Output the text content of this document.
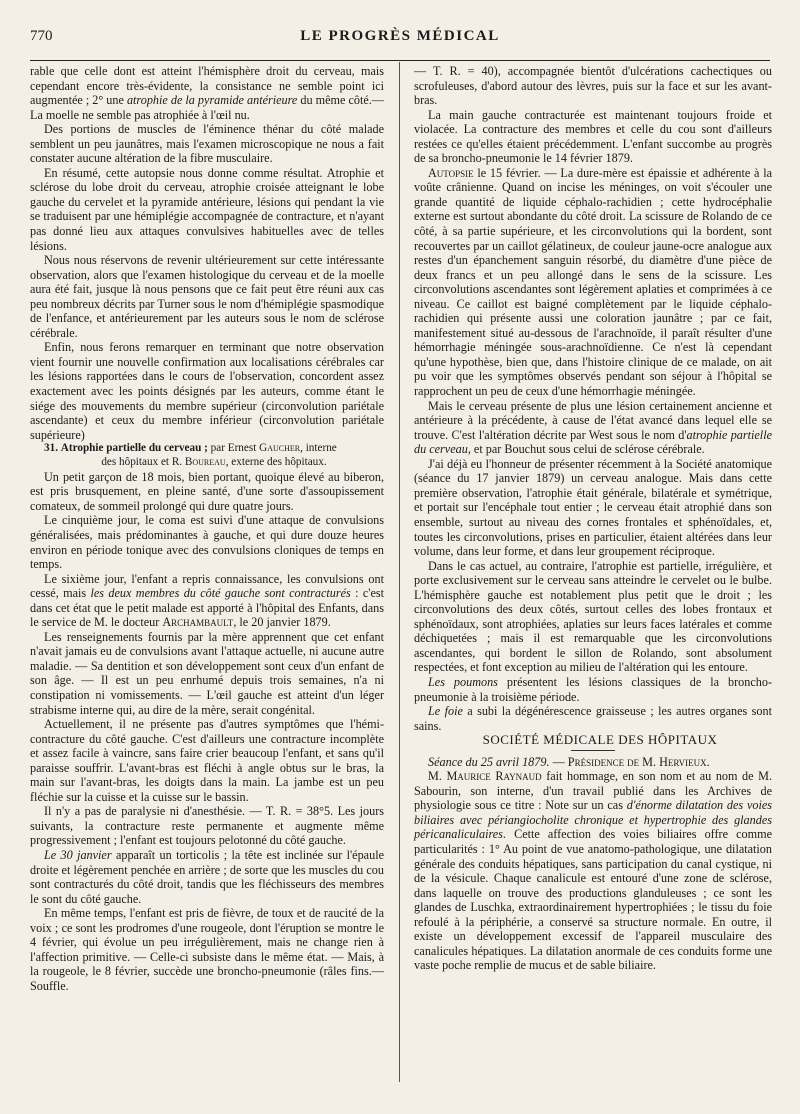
770	LE PROGRÈS MÉDICAL

rable que celle dont est atteint l'hémisphère droit du cerveau, mais cependant encore très-évidente, la consistance ne semble point ici augmentée ; 2° une atrophie de la pyramide antérieure du même côté.— La moelle ne semble pas atrophiée à l'œil nu.

Des portions de muscles de l'éminence thénar du côté malade semblent un peu jaunâtres, mais l'examen microscopique ne nous a fait constater aucune altération de la fibre musculaire.

En résumé, cette autopsie nous donne comme résultat. Atrophie et sclérose du lobe droit du cerveau, atrophie croisée atteignant le lobe gauche du cervelet et la pyramide antérieure, lésions qui pendant la vie se traduisent par une hémiplégie accompagnée de contracture, et n'ayant pas donné lieu aux attaques convulsives habituelles avec de telles lésions.

Nous nous réservons de revenir ultérieurement sur cette intéressante observation, alors que l'examen histologique du cerveau et de la moelle aura été fait, jusque là nous pensons que ce fait peut être réuni aux cas peu nombreux décrits par Turner sous le nom d'hémiplégie spasmodique de l'enfance, et antérieurement par les auteurs sous le nom de sclérose cérébrale.

Enfin, nous ferons remarquer en terminant que notre observation vient fournir une nouvelle confirmation aux localisations cérébrales car les lésions rapportées dans le cours de l'observation, concordent assez exactement avec les points désignés par les auteurs, comme étant le siége des mouvements du membre supérieur (circonvolution pariétale ascendante) et ceux du membre inférieur (circonvolution pariétale supérieure)

31. Atrophie partielle du cerveau ; par Ernest Gaucher, interne

des hôpitaux et R. Boureau, externe des hôpitaux.

Un petit garçon de 18 mois, bien portant, quoique élevé au biberon, est pris brusquement, en pleine santé, d'une sorte d'assoupissement comateux, de sommeil prolongé qui dure quatre jours.

Le cinquième jour, le coma est suivi d'une attaque de convulsions généralisées, mais prédominantes à gauche, et qui dure douze heures environ en période tonique avec des convulsions cloniques de temps en temps.

Le sixième jour, l'enfant a repris connaissance, les convulsions ont cessé, mais les deux membres du côté gauche sont contracturés : c'est dans cet état que le petit malade est apporté à l'hôpital des Enfants, dans le service de M. le docteur Archambault, le 20 janvier 1879.

Les renseignements fournis par la mère apprennent que cet enfant n'avait jamais eu de convulsions avant l'attaque actuelle, ni aucune autre maladie. — Sa dentition et son développement sont ceux d'un enfant de son âge. — Il est un peu enrhumé depuis trois semaines, n'a ni constipation ni vomissements. — L'œil gauche est atteint d'un léger strabisme interne qui, au dire de la mère, serait congénital.

Actuellement, il ne présente pas d'autres symptômes que l'hémi-contracture du côté gauche. C'est d'ailleurs une contracture incomplète et assez facile à vaincre, sans faire crier beaucoup l'enfant, et sans qu'il paraisse souffrir. L'avant-bras est fléchi à angle obtus sur le bras, la main sur l'avant-bras, les doigts dans la main. La jambe est un peu fléchie sur la cuisse et la cuisse sur le bassin.

Il n'y a pas de paralysie ni d'anesthésie. — T. R. = 38°5. Les jours suivants, la contracture reste permanente et augmente même progressivement ; l'enfant est toujours pelotonné du côté gauche.

Le 30 janvier apparaît un torticolis ; la tête est inclinée sur l'épaule droite et légèrement penchée en arrière ; de sorte que les muscles du cou sont contracturés du côté droit, tandis que les fléchisseurs des membres le sont du côté gauche.

En même temps, l'enfant est pris de fièvre, de toux et de raucité de la voix ; ce sont les prodromes d'une rougeole, dont l'éruption se montre le 4 février, qui évolue un peu irrégulièrement, mais ne change rien à l'affection primitive. — Celle-ci subsiste dans le même état. — Mais, à la rougeole, le 8 février, succède une broncho-pneumonie (râles fins.— Souffle.

— T. R. = 40), accompagnée bientôt d'ulcérations cachectiques ou scrofuleuses, d'abord autour des lèvres, puis sur la face et sur les avant-bras.

La main gauche contracturée est maintenant toujours froide et violacée. La contracture des membres et celle du cou sont d'ailleurs restées ce qu'elles étaient précédemment. L'enfant succombe au progrès de sa broncho-pneumonie le 14 février 1879.

Autopsie le 15 février. — La dure-mère est épaissie et adhérente à la voûte crânienne. Quand on incise les méninges, on voit s'écouler une grande quantité de liquide céphalo-rachidien ; cette hydrocéphalie externe est surtout abondante du côté droit. La scissure de Rolando de ce côté, à sa partie supérieure, et les circonvolutions qui la bordent, sont recouvertes par un caillot gélatineux, de couleur jaune-ocre analogue aux restes d'un épanchement sanguin résorbé, du diamètre d'une pièce de deux francs et un peu allongé dans le sens de la scissure. Les circonvolutions ascendantes sont légèrement aplaties et comprimées à ce niveau. Ce caillot est baigné complètement par le liquide céphalo-rachidien qui présente aussi une coloration jaunâtre ; par ce fait, manifestement situé au-dessous de l'arachnoïde, il paraît résulter d'une hémorrhagie méningée sous-arachnoïdienne. Ce n'est là cependant qu'une hypothèse, bien que, dans l'histoire clinique de ce malade, on ait pu voir que les symptômes observés pendant son séjour à l'hôpital se rapprochent un peu de ceux d'une hémorrhagie méningée.

Mais le cerveau présente de plus une lésion certainement ancienne et antérieure à la précédente, à cause de l'état avancé dans lequel elle se trouve. C'est l'altération décrite par West sous le nom d'atrophie partielle du cerveau, et par Bouchut sous celui de sclérose cérébrale.

J'ai déjà eu l'honneur de présenter récemment à la Société anatomique (séance du 17 janvier 1879) un cerveau analogue. Mais dans cette première observation, l'atrophie était générale, bilatérale et symétrique, et portait sur l'encéphale tout entier ; le cerveau était atrophié dans son ensemble, surtout au niveau des cornes frontales et sphénoïdales, et, toutes les circonvolutions, prises en particulier, étaient altérées dans leur volume, dans leur forme, et dans leur groupement réciproque.

Dans le cas actuel, au contraire, l'atrophie est partielle, irrégulière, et porte exclusivement sur le cerveau sans atteindre le cervelet ou le bulbe. L'hémisphère gauche est notablement plus petit que le droit ; les circonvolutions des deux côtés, surtout celles des lobes frontaux et sphénoïdaux, sont atrophiées, aplaties sur leurs faces latérales et comme déchiquetées ; mais il est remarquable que les circonvolutions ascendantes, qui bordent le sillon de Rolando, sont absolument respectées, et font exception au milieu de l'altération qui les entoure.

Les poumons présentent les lésions classiques de la broncho-pneumonie à la troisième période.

Le foie a subi la dégénérescence graisseuse ; les autres organes sont sains.

SOCIÉTÉ MÉDICALE DES HÔPITAUX

Séance du 25 avril 1879. — Présidence de M. Hervieux.

M. Maurice Raynaud fait hommage, en son nom et au nom de M. Sabourin, son interne, d'un travail publié dans les Archives de physiologie sous ce titre : Note sur un cas d'énorme dilatation des voies biliaires avec périangiocholite chronique et hypertrophie des glandes péricanaliculaires. Cette affection des voies biliaires offre comme particularités : 1° Au point de vue anatomo-pathologique, une dilatation générale des conduits hépatiques, sans participation du canal cystique, ni de la vésicule. Chaque canalicule est entouré d'une zone de sclérose, dans laquelle on trouve des productions glanduleuses ; ce sont les glandes de Luschka, extraordinairement hypertrophiées ; le tissu du foie refoulé à la périphérie, a conservé sa structure normale. En outre, il existe un développement excessif de l'appareil musculaire des canalicules hépatiques. La dilatation anormale de ces conduits forme une vaste poche remplie de mucus et de sable biliaire.
